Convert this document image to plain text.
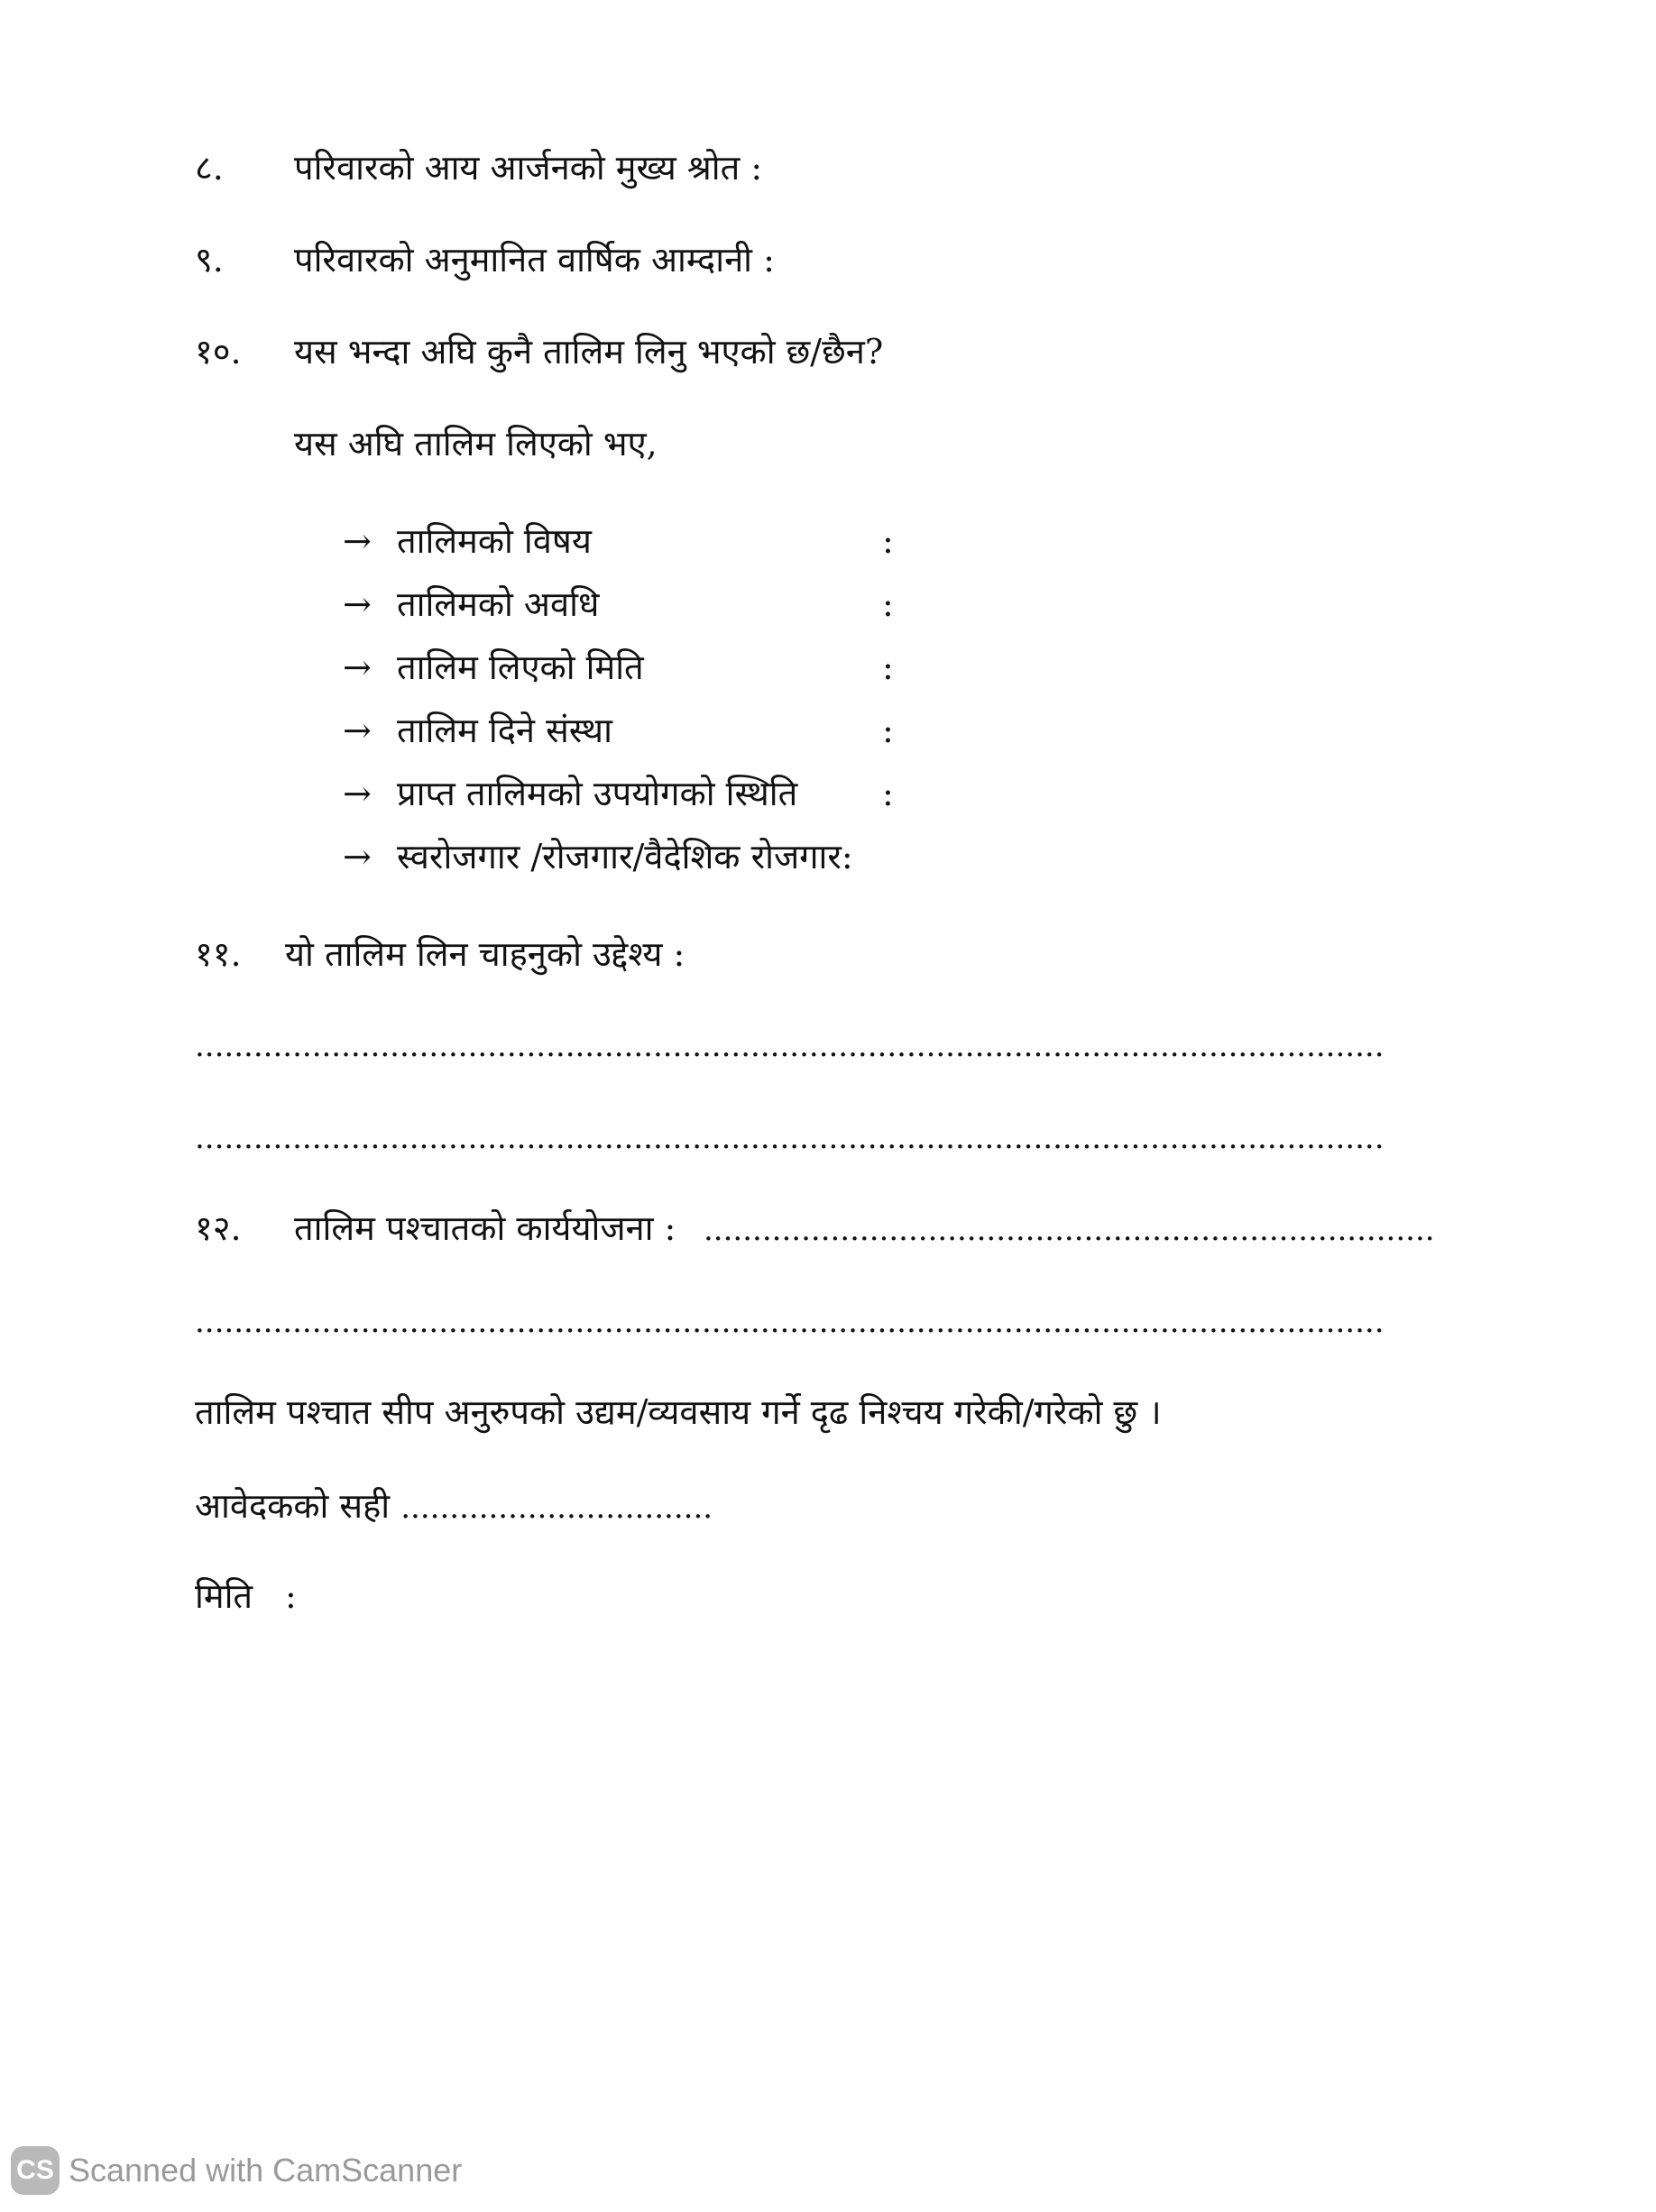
८. परिवारको आय आर्जनको मुख्य श्रोत :
९. परिवारको अनुमानित वार्षिक आम्दानी :
१०. यस भन्दा अघि कुनै तालिम लिनु भएको छ/छैन?
यस अघि तालिम लिएको भए,
→ तालिमको विषय	:
→ तालिमको अवधि	:
→ तालिम लिएको मिति	:
→ तालिम दिने संस्था	:
→ प्राप्त तालिमको उपयोगको स्थिति :
→ स्वरोजगार /रोजगार/वैदेशिक रोजगार:
११. यो तालिम लिन चाहनुको उद्देश्य :
..........................................................................................................................
..........................................................................................................................
१२. तालिम पश्चातको कार्ययोजना : ...........................................................................
..........................................................................................................................
तालिम पश्चात सीप अनुरुपको उद्यम/व्यवसाय गर्ने दृढ निश्चय गरेकी/गरेको छु ।
आवेदकको सही ................................
मिति :
CS Scanned with CamScanner
